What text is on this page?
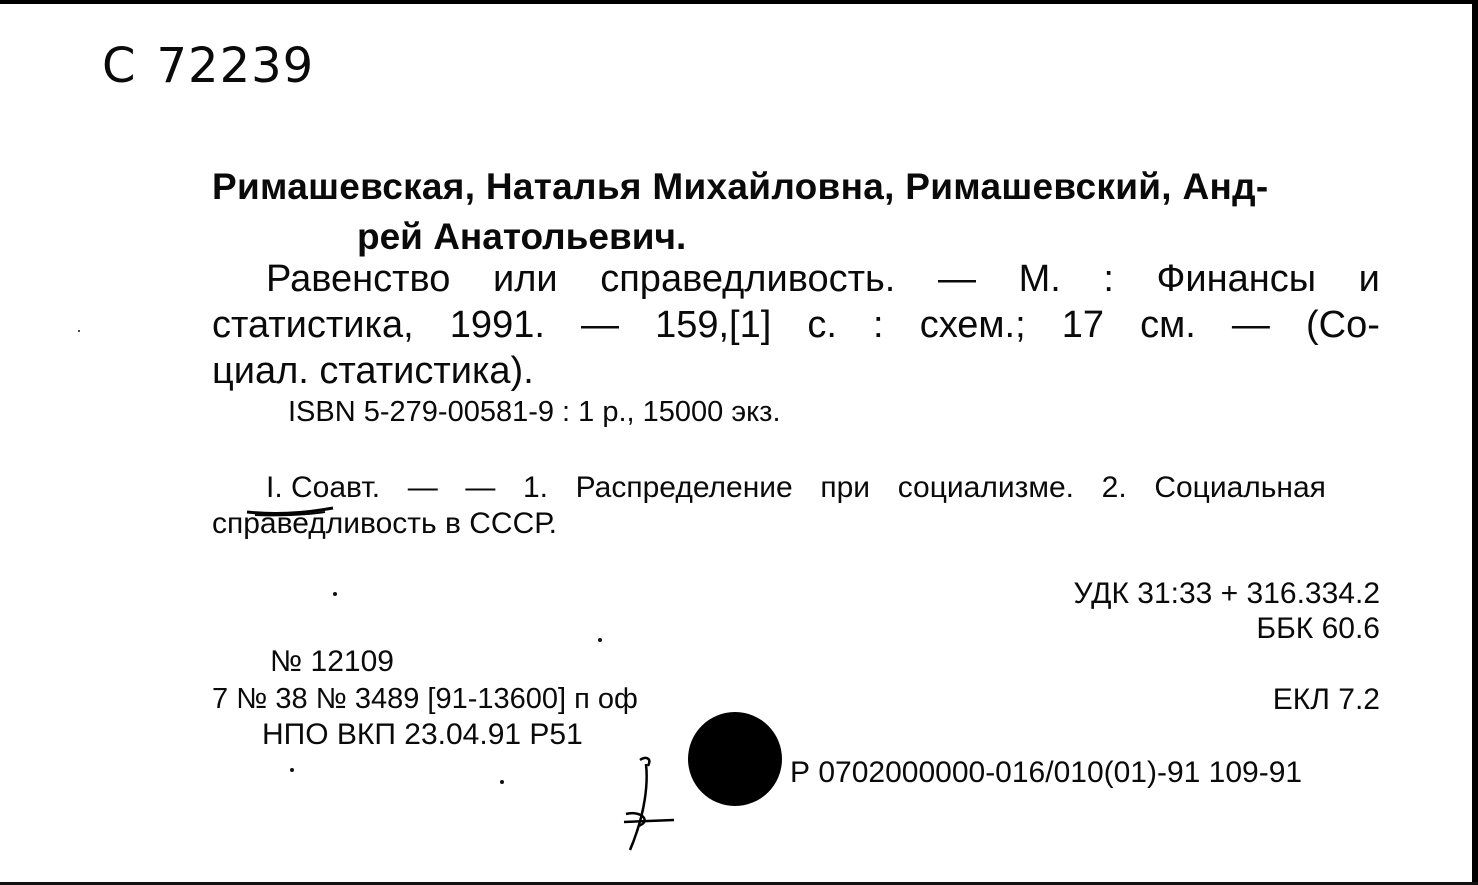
С 72239
Римашевская, Наталья Михайловна, Римашевский, Анд-
рей Анатольевич.
Равенство или справедливость. — М. : Финансы и
статистика, 1991. — 159,[1] с. : схем.; 17 см. — (Со-
циал. статистика).
ISBN 5-279-00581-9 : 1 р., 15000 экз.
I. Соавт. — — 1. Распределение при социализме. 2. Социальная
справедливость в СССР.
УДК 31:33 + 316.334.2
ББК 60.6
ЕКЛ 7.2
№ 12109
7 № 38 № 3489 [91-13600] п оф
НПО ВКП 23.04.91 Р51
Р 0702000000-016/010(01)-91 109-91
